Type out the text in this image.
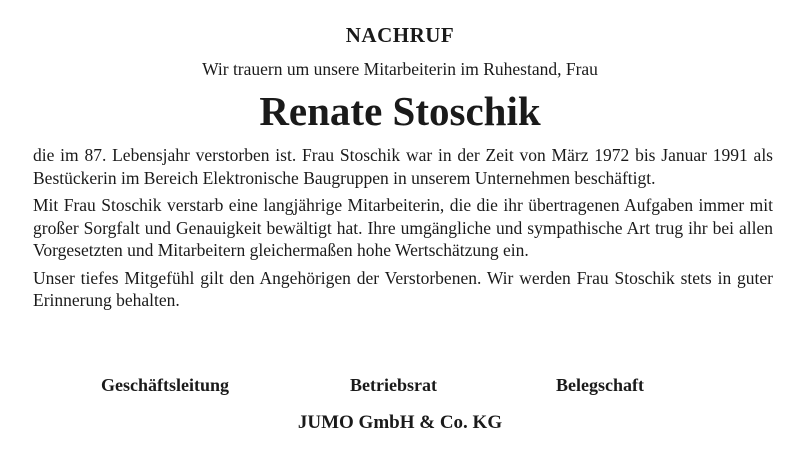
NACHRUF
Wir trauern um unsere Mitarbeiterin im Ruhestand, Frau
Renate Stoschik

die im 87. Lebensjahr verstorben ist. Frau Stoschik war in der Zeit von März 1972 bis Januar 1991 als Bestückerin im Bereich Elektronische Baugruppen in unserem Unternehmen beschäftigt.

Mit Frau Stoschik verstarb eine langjährige Mitarbeiterin, die die ihr übertragenen Aufgaben immer mit großer Sorgfalt und Genauigkeit bewältigt hat. Ihre umgängliche und sympathische Art trug ihr bei allen Vorgesetzten und Mitarbeitern gleichermaßen hohe Wertschätzung ein.

Unser tiefes Mitgefühl gilt den Angehörigen der Verstorbenen. Wir werden Frau Stoschik stets in guter Erinnerung behalten.

Geschäftsleitung	Betriebsrat	Belegschaft
JUMO GmbH & Co. KG
